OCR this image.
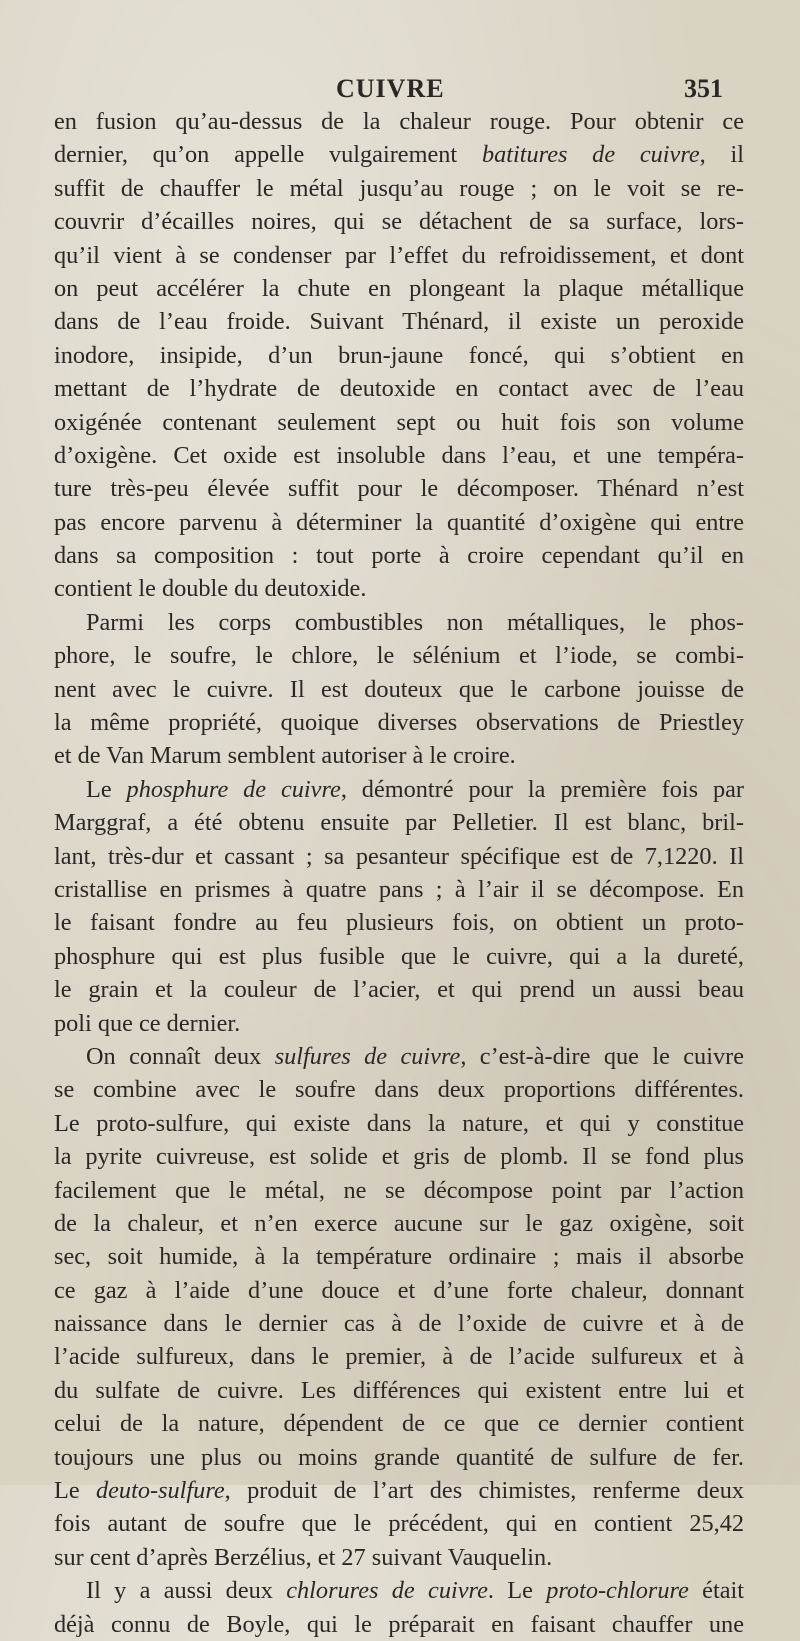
CUIVRE	351
en fusion qu’au-dessus de la chaleur rouge. Pour obtenir ce
dernier, qu’on appelle vulgairement batitures de cuivre, il
suffit de chauffer le métal jusqu’au rouge ; on le voit se re-
couvrir d’écailles noires, qui se détachent de sa surface, lors-
qu’il vient à se condenser par l’effet du refroidissement, et dont
on peut accélérer la chute en plongeant la plaque métallique
dans de l’eau froide. Suivant Thénard, il existe un peroxide
inodore, insipide, d’un brun-jaune foncé, qui s’obtient en
mettant de l’hydrate de deutoxide en contact avec de l’eau
oxigénée contenant seulement sept ou huit fois son volume
d’oxigène. Cet oxide est insoluble dans l’eau, et une tempéra-
ture très-peu élevée suffit pour le décomposer. Thénard n’est
pas encore parvenu à déterminer la quantité d’oxigène qui entre
dans sa composition : tout porte à croire cependant qu’il en
contient le double du deutoxide.
Parmi les corps combustibles non métalliques, le phos-
phore, le soufre, le chlore, le sélénium et l’iode, se combi-
nent avec le cuivre. Il est douteux que le carbone jouisse de
la même propriété, quoique diverses observations de Priestley
et de Van Marum semblent autoriser à le croire.
Le phosphure de cuivre, démontré pour la première fois par
Marggraf, a été obtenu ensuite par Pelletier. Il est blanc, bril-
lant, très-dur et cassant ; sa pesanteur spécifique est de 7,1220. Il
cristallise en prismes à quatre pans ; à l’air il se décompose. En
le faisant fondre au feu plusieurs fois, on obtient un proto-
phosphure qui est plus fusible que le cuivre, qui a la dureté,
le grain et la couleur de l’acier, et qui prend un aussi beau
poli que ce dernier.
On connaît deux sulfures de cuivre, c’est-à-dire que le cuivre
se combine avec le soufre dans deux proportions différentes.
Le proto-sulfure, qui existe dans la nature, et qui y constitue
la pyrite cuivreuse, est solide et gris de plomb. Il se fond plus
facilement que le métal, ne se décompose point par l’action
de la chaleur, et n’en exerce aucune sur le gaz oxigène, soit
sec, soit humide, à la température ordinaire ; mais il absorbe
ce gaz à l’aide d’une douce et d’une forte chaleur, donnant
naissance dans le dernier cas à de l’oxide de cuivre et à de
l’acide sulfureux, dans le premier, à de l’acide sulfureux et à
du sulfate de cuivre. Les différences qui existent entre lui et
celui de la nature, dépendent de ce que ce dernier contient
toujours une plus ou moins grande quantité de sulfure de fer.
Le deuto-sulfure, produit de l’art des chimistes, renferme deux
fois autant de soufre que le précédent, qui en contient 25,42
sur cent d’après Berzélius, et 27 suivant Vauquelin.
Il y a aussi deux chlorures de cuivre. Le proto-chlorure était
déjà connu de Boyle, qui le préparait en faisant chauffer une
